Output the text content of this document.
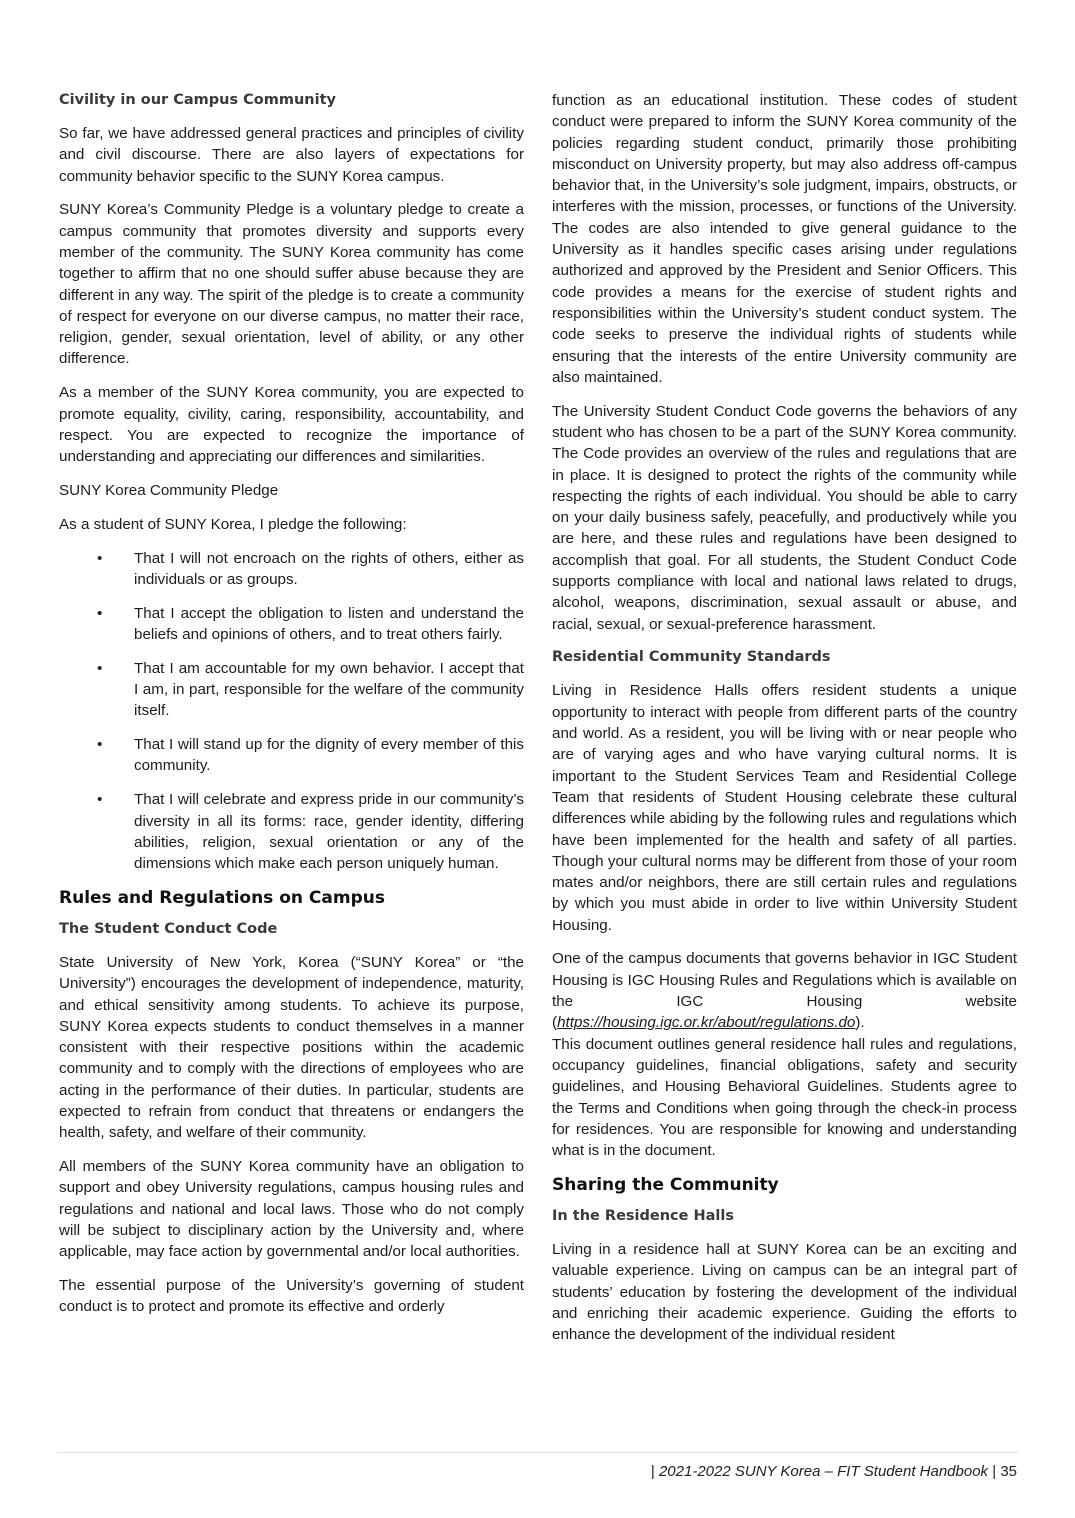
Civility in our Campus Community

So far, we have addressed general practices and principles of civility and civil discourse. There are also layers of expectations for community behavior specific to the SUNY Korea campus.

SUNY Korea’s Community Pledge is a voluntary pledge to create a campus community that promotes diversity and supports every member of the community. The SUNY Korea community has come together to affirm that no one should suffer abuse because they are different in any way. The spirit of the pledge is to create a community of respect for everyone on our diverse campus, no matter their race, religion, gender, sexual orientation, level of ability, or any other difference.

As a member of the SUNY Korea community, you are expected to promote equality, civility, caring, responsibility, accountability, and respect. You are expected to recognize the importance of understanding and appreciating our differences and similarities.

SUNY Korea Community Pledge

As a student of SUNY Korea, I pledge the following:

• That I will not encroach on the rights of others, either as individuals or as groups.
• That I accept the obligation to listen and understand the beliefs and opinions of others, and to treat others fairly.
• That I am accountable for my own behavior. I accept that I am, in part, responsible for the welfare of the community itself.
• That I will stand up for the dignity of every member of this community.
• That I will celebrate and express pride in our community’s diversity in all its forms: race, gender identity, differing abilities, religion, sexual orientation or any of the dimensions which make each person uniquely human.
Rules and Regulations on Campus
The Student Conduct Code

State University of New York, Korea (“SUNY Korea” or “the University”) encourages the development of independence, maturity, and ethical sensitivity among students. To achieve its purpose, SUNY Korea expects students to conduct themselves in a manner consistent with their respective positions within the academic community and to comply with the directions of employees who are acting in the performance of their duties. In particular, students are expected to refrain from conduct that threatens or endangers the health, safety, and welfare of their community.

All members of the SUNY Korea community have an obligation to support and obey University regulations, campus housing rules and regulations and national and local laws. Those who do not comply will be subject to disciplinary action by the University and, where applicable, may face action by governmental and/or local authorities.

The essential purpose of the University’s governing of student conduct is to protect and promote its effective and orderly

function as an educational institution. These codes of student conduct were prepared to inform the SUNY Korea community of the policies regarding student conduct, primarily those prohibiting misconduct on University property, but may also address off-campus behavior that, in the University’s sole judgment, impairs, obstructs, or interferes with the mission, processes, or functions of the University. The codes are also intended to give general guidance to the University as it handles specific cases arising under regulations authorized and approved by the President and Senior Officers. This code provides a means for the exercise of student rights and responsibilities within the University’s student conduct system. The code seeks to preserve the individual rights of students while ensuring that the interests of the entire University community are also maintained.

The University Student Conduct Code governs the behaviors of any student who has chosen to be a part of the SUNY Korea community. The Code provides an overview of the rules and regulations that are in place. It is designed to protect the rights of the community while respecting the rights of each individual. You should be able to carry on your daily business safely, peacefully, and productively while you are here, and these rules and regulations have been designed to accomplish that goal. For all students, the Student Conduct Code supports compliance with local and national laws related to drugs, alcohol, weapons, discrimination, sexual assault or abuse, and racial, sexual, or sexual-preference harassment.

Residential Community Standards

Living in Residence Halls offers resident students a unique opportunity to interact with people from different parts of the country and world. As a resident, you will be living with or near people who are of varying ages and who have varying cultural norms. It is important to the Student Services Team and Residential College Team that residents of Student Housing celebrate these cultural differences while abiding by the following rules and regulations which have been implemented for the health and safety of all parties. Though your cultural norms may be different from those of your room mates and/or neighbors, there are still certain rules and regulations by which you must abide in order to live within University Student Housing.

One of the campus documents that governs behavior in IGC Student Housing is IGC Housing Rules and Regulations which is available on the IGC Housing website (https://housing.igc.or.kr/about/regulations.do).

This document outlines general residence hall rules and regulations, occupancy guidelines, financial obligations, safety and security guidelines, and Housing Behavioral Guidelines. Students agree to the Terms and Conditions when going through the check-in process for residences. You are responsible for knowing and understanding what is in the document.

Sharing the Community
In the Residence Halls

Living in a residence hall at SUNY Korea can be an exciting and valuable experience. Living on campus can be an integral part of students’ education by fostering the development of the individual and enriching their academic experience. Guiding the efforts to enhance the development of the individual resident

| 2021-2022 SUNY Korea – FIT Student Handbook | 35
